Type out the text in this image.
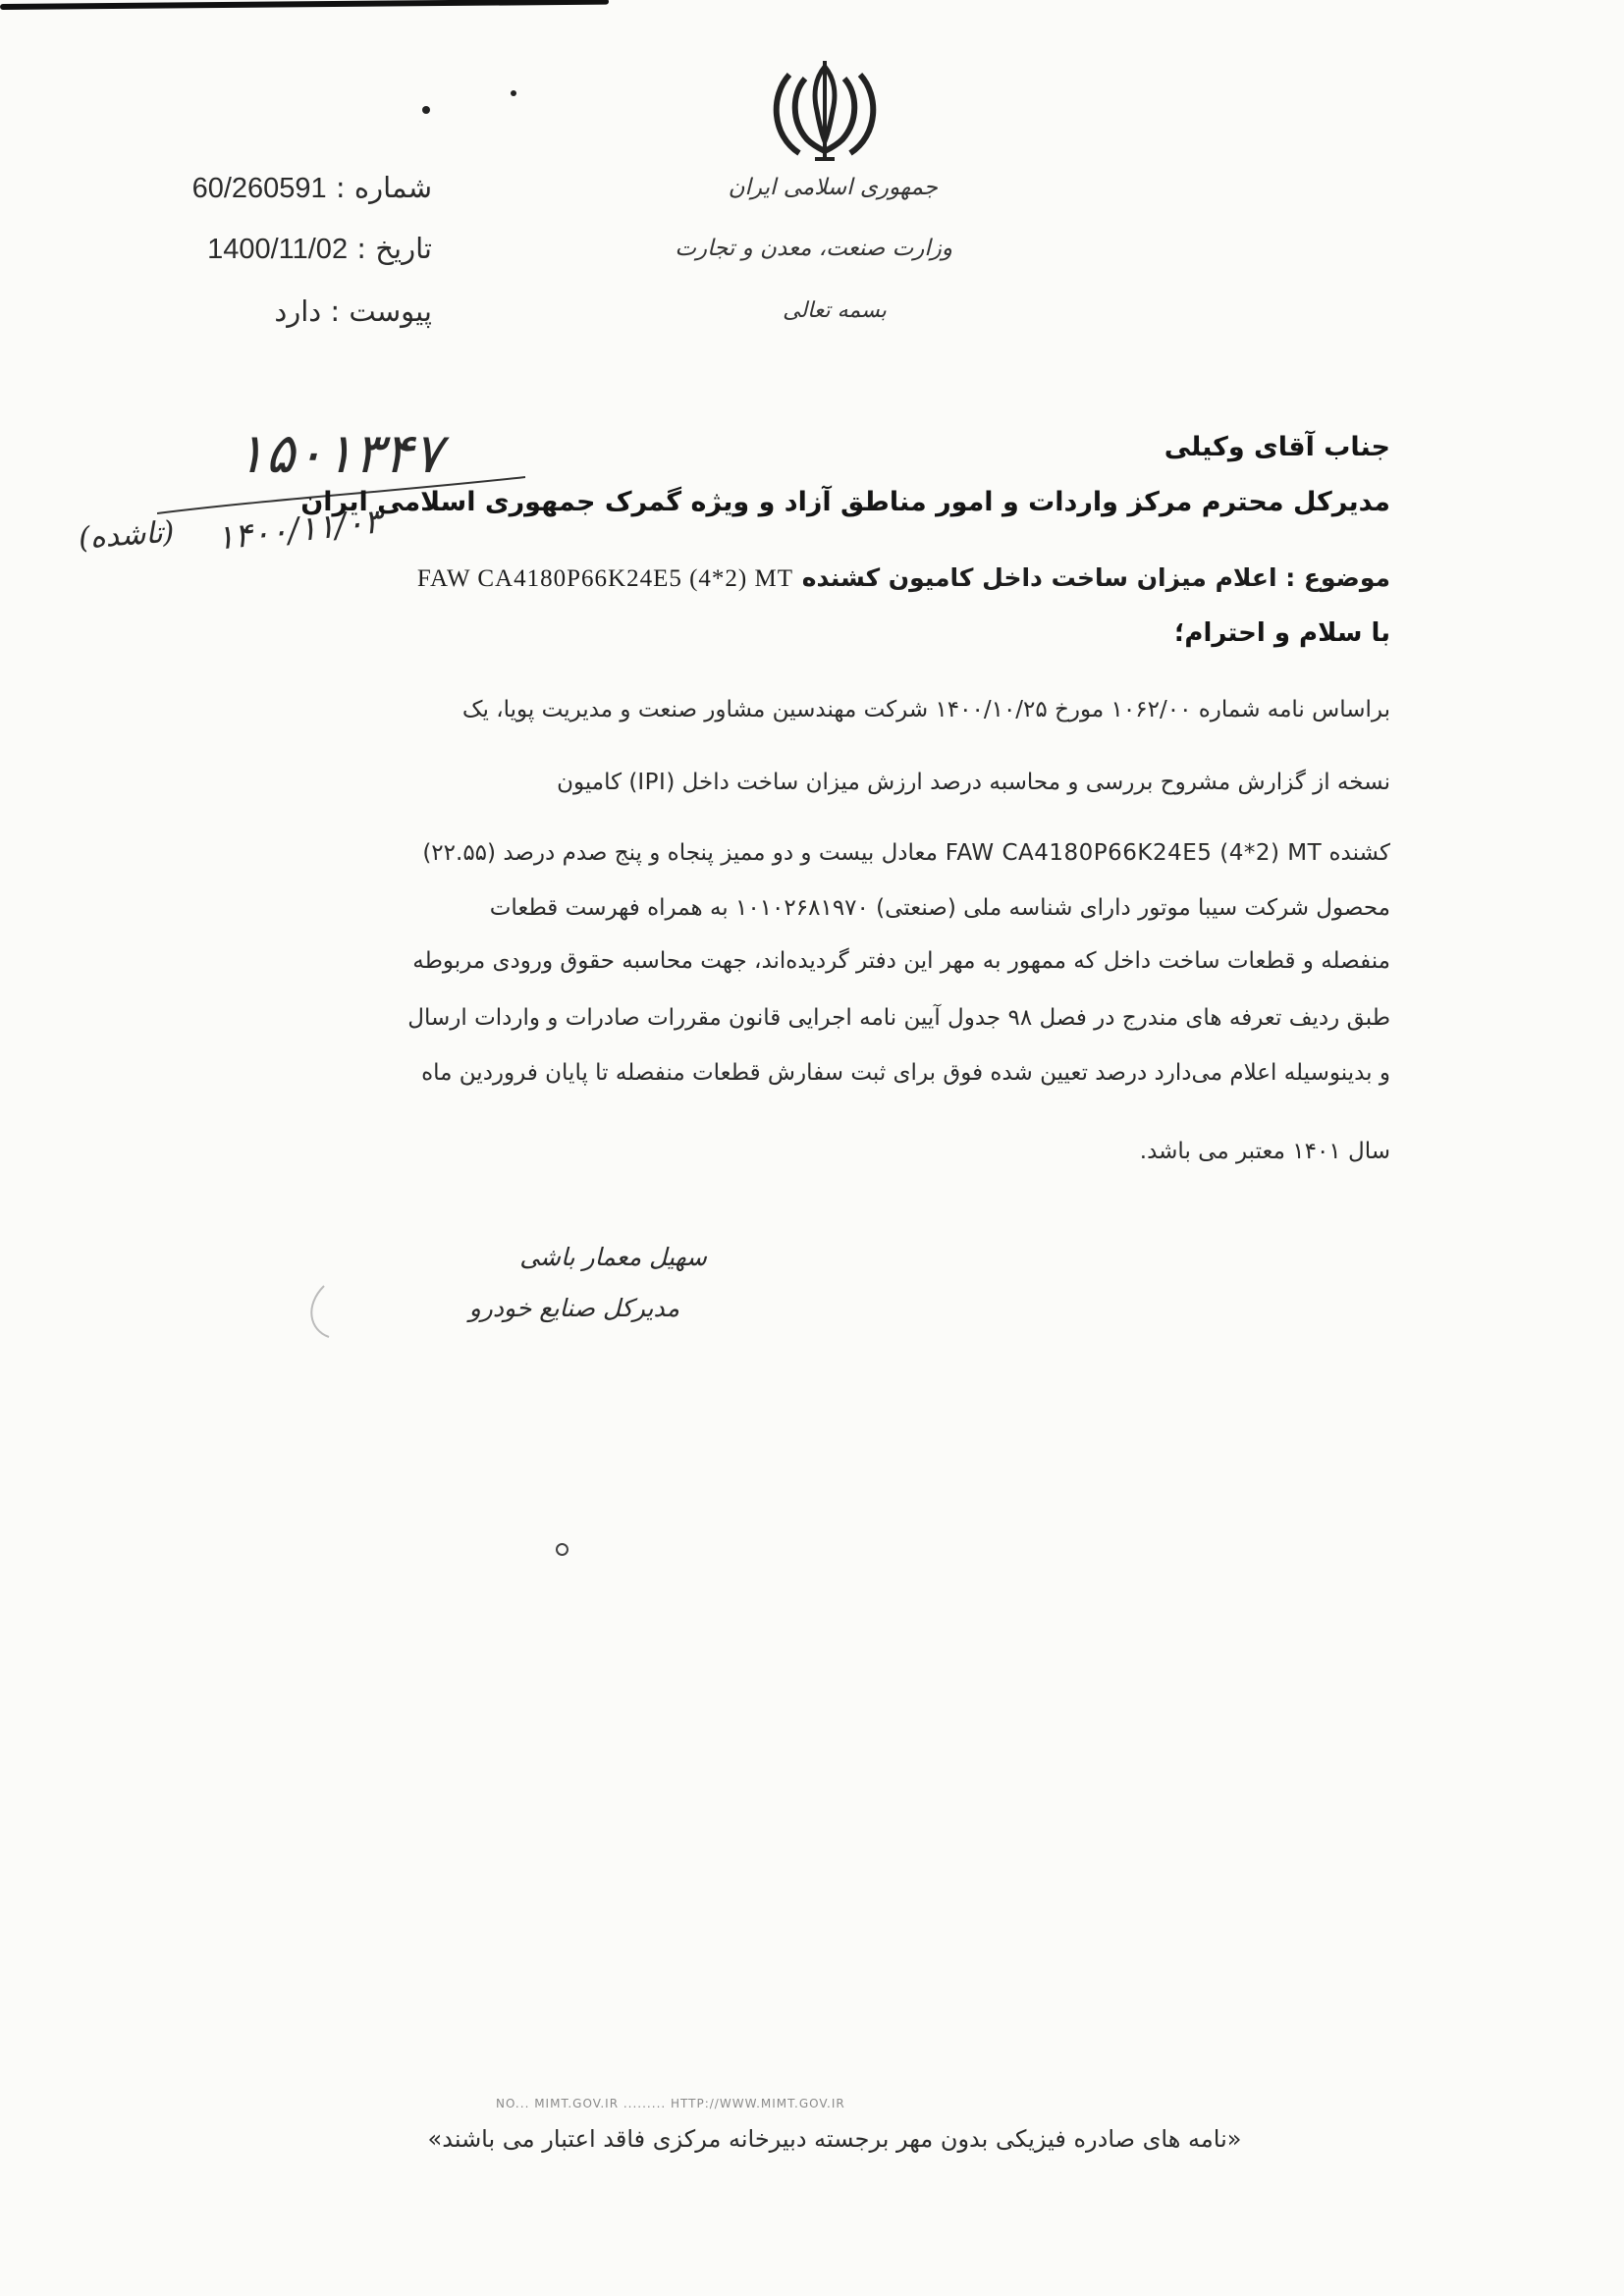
جمهوری اسلامی ایران
وزارت صنعت، معدن و تجارت
بسمه تعالی
شماره : 60/260591
تاریخ : 1400/11/02
پیوست : دارد
۱۵۰۱۳۴۷
۱۴۰۰/۱۱/۰۳
(تاشده)
جناب آقای وکیلی
مدیرکل محترم مرکز واردات و امور مناطق آزاد و ویژه گمرک جمهوری اسلامی ایران
موضوع : اعلام میزان ساخت داخل کامیون کشنده FAW CA4180P66K24E5 (4*2) MT
با سلام و احترام؛
براساس نامه شماره ۱۰۶۲/۰۰ مورخ ۱۴۰۰/۱۰/۲۵ شرکت مهندسین مشاور صنعت و مدیریت پویا، یک
نسخه از گزارش مشروح بررسی و محاسبه درصد ارزش میزان ساخت داخل (IPI) کامیون
کشنده FAW CA4180P66K24E5 (4*2) MT معادل بیست و دو ممیز پنجاه و پنج صدم درصد (۲۲.۵۵)
محصول شرکت سیبا موتور دارای شناسه ملی (صنعتی) ۱۰۱۰۲۶۸۱۹۷۰ به همراه فهرست قطعات
منفصله و قطعات ساخت داخل که ممهور به مهر این دفتر گردیده‌اند، جهت محاسبه حقوق ورودی مربوطه
طبق ردیف تعرفه های مندرج در فصل ۹۸ جدول آیین نامه اجرایی قانون مقررات صادرات و واردات ارسال
و بدینوسیله اعلام می‌دارد درصد تعیین شده فوق برای ثبت سفارش قطعات منفصله تا پایان فروردین ماه
سال ۱۴۰۱ معتبر می باشد.
سهیل معمار باشی
مدیرکل صنایع خودرو
NO... MIMT.GOV.IR ......... HTTP://WWW.MIMT.GOV.IR
«نامه های صادره فیزیکی بدون مهر برجسته دبیرخانه مرکزی فاقد اعتبار می باشند»
